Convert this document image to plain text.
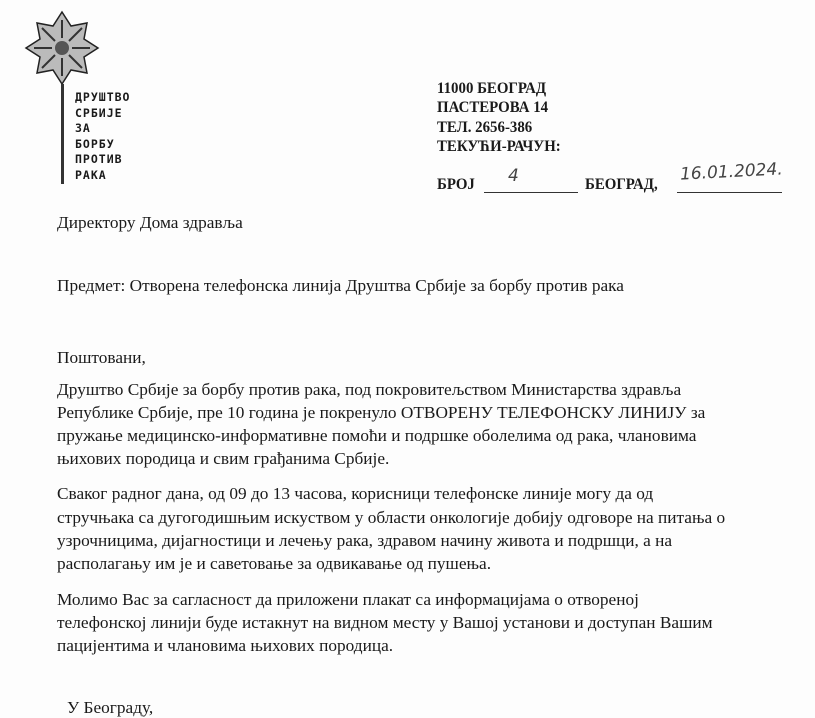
ДРУШТВО
СРБИЈЕ
ЗА
БОРБУ
ПРОТИВ
РАКА
11000 БЕОГРАД
ПАСТЕРОВА 14
ТЕЛ. 2656-386
ТЕКУЋИ-РАЧУН:
БРОЈ 4	БЕОГРАД, 16.01.2024.
Директору Дома здравља
Предмет: Отворена телефонска линија Друштва Србије за борбу против рака
Поштовани,
Друштво Србије за борбу против рака, под покровитељством Министарства здравља
Републике Србије, пре 10 година је покренуло ОТВОРЕНУ ТЕЛЕФОНСКУ ЛИНИЈУ за
пружање медицинско-информативне помоћи и подршке оболелима од рака, члановима
њихових породица и свим грађанима Србије.
Сваког радног дана, од 09 до 13 часова, корисници телефонске линије могу да од
стручњака са дугогодишњим искуством у области онкологије добију одговоре на питања о
узрочницима, дијагностици и лечењу рака, здравом начину живота и подршци, а на
располагању им је и саветовање за одвикавање од пушења.
Молимо Вас за сагласност да приложени плакат са информацијама о отвореној
телефонској линији буде истакнут на видном месту у Вашој установи и доступан Вашим
пацијентима и члановима њихових породица.
У Београду,
